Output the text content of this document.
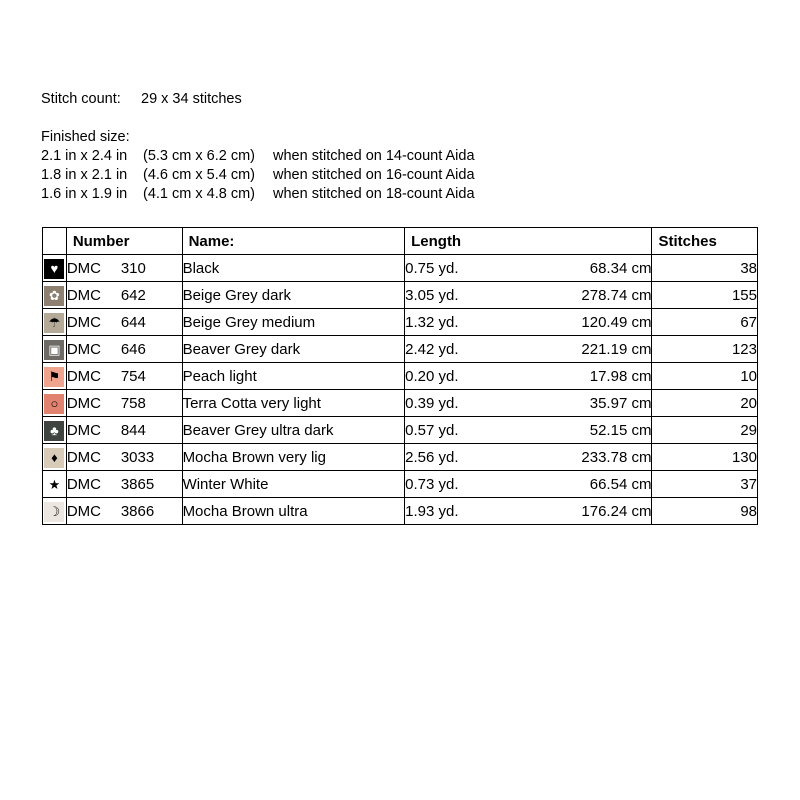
Stitch count: 29 x 34 stitches
Finished size:
2.1 in x 2.4 in (5.3 cm x 6.2 cm) when stitched on 14-count Aida
1.8 in x 2.1 in (4.6 cm x 5.4 cm) when stitched on 16-count Aida
1.6 in x 1.9 in (4.1 cm x 4.8 cm) when stitched on 18-count Aida
	Number	Name:	Length	Stitches
♥	DMC 310	Black	0.75 yd. 68.34 cm	38
✿	DMC 642	Beige Grey dark	3.05 yd. 278.74 cm	155
☂	DMC 644	Beige Grey medium	1.32 yd. 120.49 cm	67
▣	DMC 646	Beaver Grey dark	2.42 yd. 221.19 cm	123
⚑	DMC 754	Peach light	0.20 yd. 17.98 cm	10
○	DMC 758	Terra Cotta very light	0.39 yd. 35.97 cm	20
♣	DMC 844	Beaver Grey ultra dark	0.57 yd. 52.15 cm	29
♦	DMC 3033	Mocha Brown very lig	2.56 yd. 233.78 cm	130
★	DMC 3865	Winter White	0.73 yd. 66.54 cm	37
☽	DMC 3866	Mocha Brown ultra	1.93 yd. 176.24 cm	98
